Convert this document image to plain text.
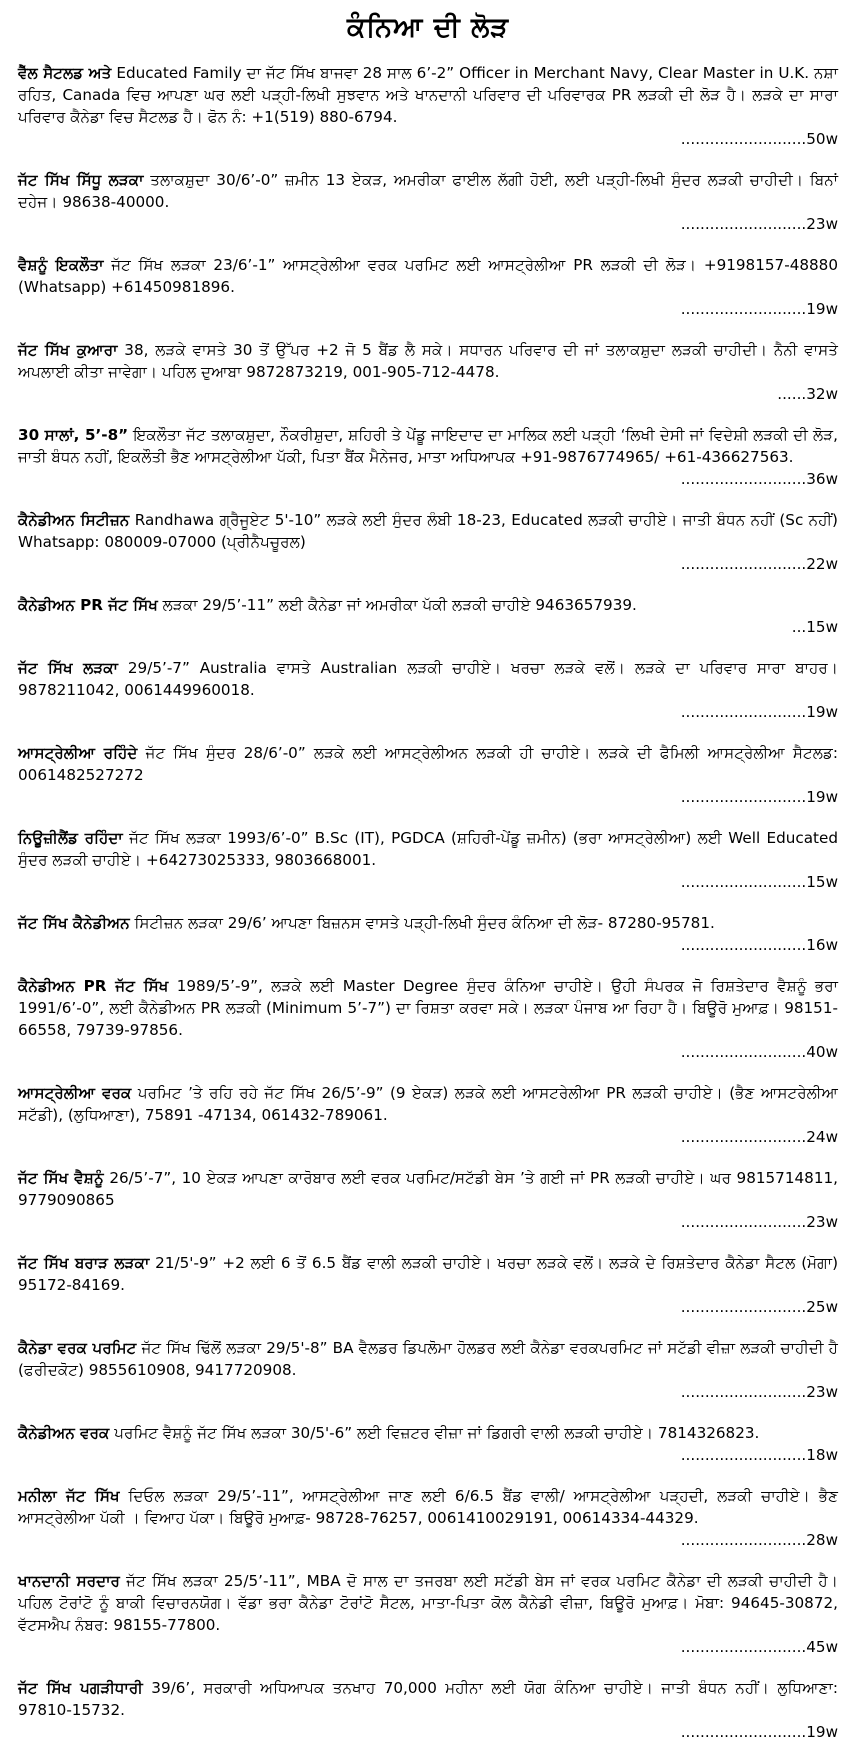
ਕੰਨਿਆ ਦੀ ਲੋੜ

ਵੈੱਲ ਸੈਟਲਡ ਅਤੇ Educated Family ਦਾ ਜੱਟ ਸਿੱਖ ਬਾਜਵਾ 28 ਸਾਲ 6’-2” Officer in Merchant Navy, Clear Master in U.K. ਨਸ਼ਾ ਰਹਿਤ, Canada ਵਿਚ ਆਪਣਾ ਘਰ ਲਈ ਪੜ੍ਹੀ-ਲਿਖੀ ਸੁਝਵਾਨ ਅਤੇ ਖਾਨਦਾਨੀ ਪਰਿਵਾਰ ਦੀ ਪਰਿਵਾਰਕ PR ਲੜਕੀ ਦੀ ਲੋੜ ਹੈ। ਲੜਕੇ ਦਾ ਸਾਰਾ ਪਰਿਵਾਰ ਕੈਨੇਡਾ ਵਿਚ ਸੈਟਲਡ ਹੈ। ਫੋਨ ਨੰ: +1(519) 880-6794.
..........................50w

ਜੱਟ ਸਿੱਖ ਸਿੱਧੂ ਲੜਕਾ ਤਲਾਕਸ਼ੁਦਾ 30/6’-0” ਜ਼ਮੀਨ 13 ਏਕੜ, ਅਮਰੀਕਾ ਫਾਈਲ ਲੱਗੀ ਹੋਈ, ਲਈ ਪੜ੍ਹੀ-ਲਿਖੀ ਸੁੰਦਰ ਲੜਕੀ ਚਾਹੀਦੀ। ਬਿਨਾਂ ਦਹੇਜ। 98638-40000.
..........................23w

ਵੈਸ਼ਨੂੰ ਇਕਲੌਤਾ ਜੱਟ ਸਿੱਖ ਲੜਕਾ 23/6’-1” ਆਸਟ੍ਰੇਲੀਆ ਵਰਕ ਪਰਮਿਟ ਲਈ ਆਸਟ੍ਰੇਲੀਆ PR ਲੜਕੀ ਦੀ ਲੋੜ। +9198157-48880 (Whatsapp) +61450981896.
..........................19w

ਜੱਟ ਸਿੱਖ ਕੁਆਰਾ 38, ਲੜਕੇ ਵਾਸਤੇ 30 ਤੋਂ ਉੱਪਰ +2 ਜੋ 5 ਬੈਂਡ ਲੈ ਸਕੇ। ਸਧਾਰਨ ਪਰਿਵਾਰ ਦੀ ਜਾਂ ਤਲਾਕਸ਼ੁਦਾ ਲੜਕੀ ਚਾਹੀਦੀ। ਨੈਨੀ ਵਾਸਤੇ ਅਪਲਾਈ ਕੀਤਾ ਜਾਵੇਗਾ। ਪਹਿਲ ਦੁਆਬਾ 9872873219, 001-905-712-4478.
......32w

30 ਸਾਲਾਂ, 5’-8” ਇਕਲੌਤਾ ਜੱਟ ਤਲਾਕਸ਼ੁਦਾ, ਨੌਕਰੀਸ਼ੁਦਾ, ਸ਼ਹਿਰੀ ਤੇ ਪੇਂਡੂ ਜਾਇਦਾਦ ਦਾ ਮਾਲਿਕ ਲਈ ਪੜ੍ਹੀ ‘ਲਿਖੀ ਦੇਸੀ ਜਾਂ ਵਿਦੇਸ਼ੀ ਲੜਕੀ ਦੀ ਲੋੜ, ਜਾਤੀ ਬੰਧਨ ਨਹੀਂ, ਇਕਲੌਤੀ ਭੈਣ ਆਸਟ੍ਰੇਲੀਆ ਪੱਕੀ, ਪਿਤਾ ਬੈਂਕ ਮੈਨੇਜਰ, ਮਾਤਾ ਅਧਿਆਪਕ +91-9876774965/ +61-436627563.
..........................36w

ਕੈਨੇਡੀਅਨ ਸਿਟੀਜ਼ਨ Randhawa ਗ੍ਰੈਜੂਏਟ 5'-10” ਲੜਕੇ ਲਈ ਸੁੰਦਰ ਲੰਬੀ 18-23, Educated ਲੜਕੀ ਚਾਹੀਏ। ਜਾਤੀ ਬੰਧਨ ਨਹੀਂ (Sc ਨਹੀਂ) Whatsapp: 080009-07000 (ਪ੍ਰੀਨੈਪਚੂਰਲ)
..........................22w

ਕੈਨੇਡੀਅਨ PR ਜੱਟ ਸਿੱਖ ਲੜਕਾ 29/5’-11” ਲਈ ਕੈਨੇਡਾ ਜਾਂ ਅਮਰੀਕਾ ਪੱਕੀ ਲੜਕੀ ਚਾਹੀਏ 9463657939.
...15w

ਜੱਟ ਸਿੱਖ ਲੜਕਾ 29/5’-7” Australia ਵਾਸਤੇ Australian ਲੜਕੀ ਚਾਹੀਏ। ਖਰਚਾ ਲੜਕੇ ਵਲੋਂ। ਲੜਕੇ ਦਾ ਪਰਿਵਾਰ ਸਾਰਾ ਬਾਹਰ। 9878211042, 0061449960018.
..........................19w

ਆਸਟ੍ਰੇਲੀਆ ਰਹਿੰਦੇ ਜੱਟ ਸਿੱਖ ਸੁੰਦਰ 28/6’-0” ਲੜਕੇ ਲਈ ਆਸਟ੍ਰੇਲੀਅਨ ਲੜਕੀ ਹੀ ਚਾਹੀਏ। ਲੜਕੇ ਦੀ ਫੈਮਿਲੀ ਆਸਟ੍ਰੇਲੀਆ ਸੈਟਲਡ: 0061482527272
..........................19w

ਨਿਊਜ਼ੀਲੈਂਡ ਰਹਿੰਦਾ ਜੱਟ ਸਿੱਖ ਲੜਕਾ 1993/6’-0” B.Sc (IT), PGDCA (ਸ਼ਹਿਰੀ-ਪੇਂਡੂ ਜ਼ਮੀਨ) (ਭਰਾ ਆਸਟ੍ਰੇਲੀਆ) ਲਈ Well Educated ਸੁੰਦਰ ਲੜਕੀ ਚਾਹੀਏ। +64273025333, 9803668001.
..........................15w

ਜੱਟ ਸਿੱਖ ਕੈਨੇਡੀਅਨ ਸਿਟੀਜ਼ਨ ਲੜਕਾ 29/6’ ਆਪਣਾ ਬਿਜ਼ਨਸ ਵਾਸਤੇ ਪੜ੍ਹੀ-ਲਿਖੀ ਸੁੰਦਰ ਕੰਨਿਆ ਦੀ ਲੋੜ- 87280-95781.
..........................16w

ਕੈਨੇਡੀਅਨ PR ਜੱਟ ਸਿੱਖ 1989/5’-9”, ਲੜਕੇ ਲਈ Master Degree ਸੁੰਦਰ ਕੰਨਿਆ ਚਾਹੀਏ। ਉਹੀ ਸੰਪਰਕ ਜੋ ਰਿਸ਼ਤੇਦਾਰ ਵੈਸ਼ਨੂੰ ਭਰਾ 1991/6’-0”, ਲਈ ਕੈਨੇਡੀਅਨ PR ਲੜਕੀ (Minimum 5’-7”) ਦਾ ਰਿਸ਼ਤਾ ਕਰਵਾ ਸਕੇ। ਲੜਕਾ ਪੰਜਾਬ ਆ ਰਿਹਾ ਹੈ। ਬਿਊਰੋ ਮੁਆਫ਼। 98151-66558, 79739-97856.
..........................40w

ਆਸਟ੍ਰੇਲੀਆ ਵਰਕ ਪਰਮਿਟ ’ਤੇ ਰਹਿ ਰਹੇ ਜੱਟ ਸਿੱਖ 26/5’-9” (9 ਏਕੜ) ਲੜਕੇ ਲਈ ਆਸਟਰੇਲੀਆ PR ਲੜਕੀ ਚਾਹੀਏ। (ਭੈਣ ਆਸਟਰੇਲੀਆ ਸਟੱਡੀ), (ਲੁਧਿਆਣਾ), 75891 -47134, 061432-789061.
..........................24w

ਜੱਟ ਸਿੱਖ ਵੈਸ਼ਨੂੰ 26/5’-7”, 10 ਏਕੜ ਆਪਣਾ ਕਾਰੋਬਾਰ ਲਈ ਵਰਕ ਪਰਮਿਟ/ਸਟੱਡੀ ਬੇਸ ’ਤੇ ਗਈ ਜਾਂ PR ਲੜਕੀ ਚਾਹੀਏ। ਘਰ 9815714811, 9779090865
..........................23w

ਜੱਟ ਸਿੱਖ ਬਰਾੜ ਲੜਕਾ 21/5'-9” +2 ਲਈ 6 ਤੋਂ 6.5 ਬੈਂਡ ਵਾਲੀ ਲੜਕੀ ਚਾਹੀਏ। ਖਰਚਾ ਲੜਕੇ ਵਲੋਂ। ਲੜਕੇ ਦੇ ਰਿਸ਼ਤੇਦਾਰ ਕੈਨੇਡਾ ਸੈਟਲ (ਮੋਗਾ) 95172-84169.
..........................25w

ਕੈਨੇਡਾ ਵਰਕ ਪਰਮਿਟ ਜੱਟ ਸਿੱਖ ਢਿੱਲੋਂ ਲੜਕਾ 29/5'-8” BA ਵੈਲਡਰ ਡਿਪਲੋਮਾ ਹੋਲਡਰ ਲਈ ਕੈਨੇਡਾ ਵਰਕਪਰਮਿਟ ਜਾਂ ਸਟੱਡੀ ਵੀਜ਼ਾ ਲੜਕੀ ਚਾਹੀਦੀ ਹੈ (ਫਰੀਦਕੋਟ) 9855610908, 9417720908.
..........................23w

ਕੈਨੇਡੀਅਨ ਵਰਕ ਪਰਮਿਟ ਵੈਸ਼ਨੂੰ ਜੱਟ ਸਿੱਖ ਲੜਕਾ 30/5'-6” ਲਈ ਵਿਜ਼ਟਰ ਵੀਜ਼ਾ ਜਾਂ ਡਿਗਰੀ ਵਾਲੀ ਲੜਕੀ ਚਾਹੀਏ। 7814326823.
..........................18w

ਮਨੀਲਾ ਜੱਟ ਸਿੱਖ ਦਿਓਲ ਲੜਕਾ 29/5’-11”, ਆਸਟ੍ਰੇਲੀਆ ਜਾਣ ਲਈ 6/6.5 ਬੈਂਡ ਵਾਲੀ/ ਆਸਟ੍ਰੇਲੀਆ ਪੜ੍ਹਦੀ, ਲੜਕੀ ਚਾਹੀਏ। ਭੈਣ ਆਸਟ੍ਰੇਲੀਆ ਪੱਕੀ । ਵਿਆਹ ਪੱਕਾ। ਬਿਊਰੋ ਮੁਆਫ਼- 98728-76257, 0061410029191, 00614334-44329.
..........................28w

ਖਾਨਦਾਨੀ ਸਰਦਾਰ ਜੱਟ ਸਿੱਖ ਲੜਕਾ 25/5’-11”, MBA ਦੋ ਸਾਲ ਦਾ ਤਜਰਬਾ ਲਈ ਸਟੱਡੀ ਬੇਸ ਜਾਂ ਵਰਕ ਪਰਮਿਟ ਕੈਨੇਡਾ ਦੀ ਲੜਕੀ ਚਾਹੀਦੀ ਹੈ। ਪਹਿਲ ਟੋਰਾਂਟੋ ਨੂੰ ਬਾਕੀ ਵਿਚਾਰਨਯੋਗ। ਵੱਡਾ ਭਰਾ ਕੈਨੇਡਾ ਟੋਰਾਂਟੋ ਸੈਟਲ, ਮਾਤਾ-ਪਿਤਾ ਕੋਲ ਕੈਨੇਡੀ ਵੀਜ਼ਾ, ਬਿਊਰੋ ਮੁਆਫ਼। ਮੋਬਾ: 94645-30872, ਵੱਟਸਐਪ ਨੰਬਰ: 98155-77800.
..........................45w

ਜੱਟ ਸਿੱਖ ਪਗੜੀਧਾਰੀ 39/6’, ਸਰਕਾਰੀ ਅਧਿਆਪਕ ਤਨਖਾਹ 70,000 ਮਹੀਨਾ ਲਈ ਯੋਗ ਕੰਨਿਆ ਚਾਹੀਏ। ਜਾਤੀ ਬੰਧਨ ਨਹੀਂ। ਲੁਧਿਆਣਾ: 97810-15732.
..........................19w
